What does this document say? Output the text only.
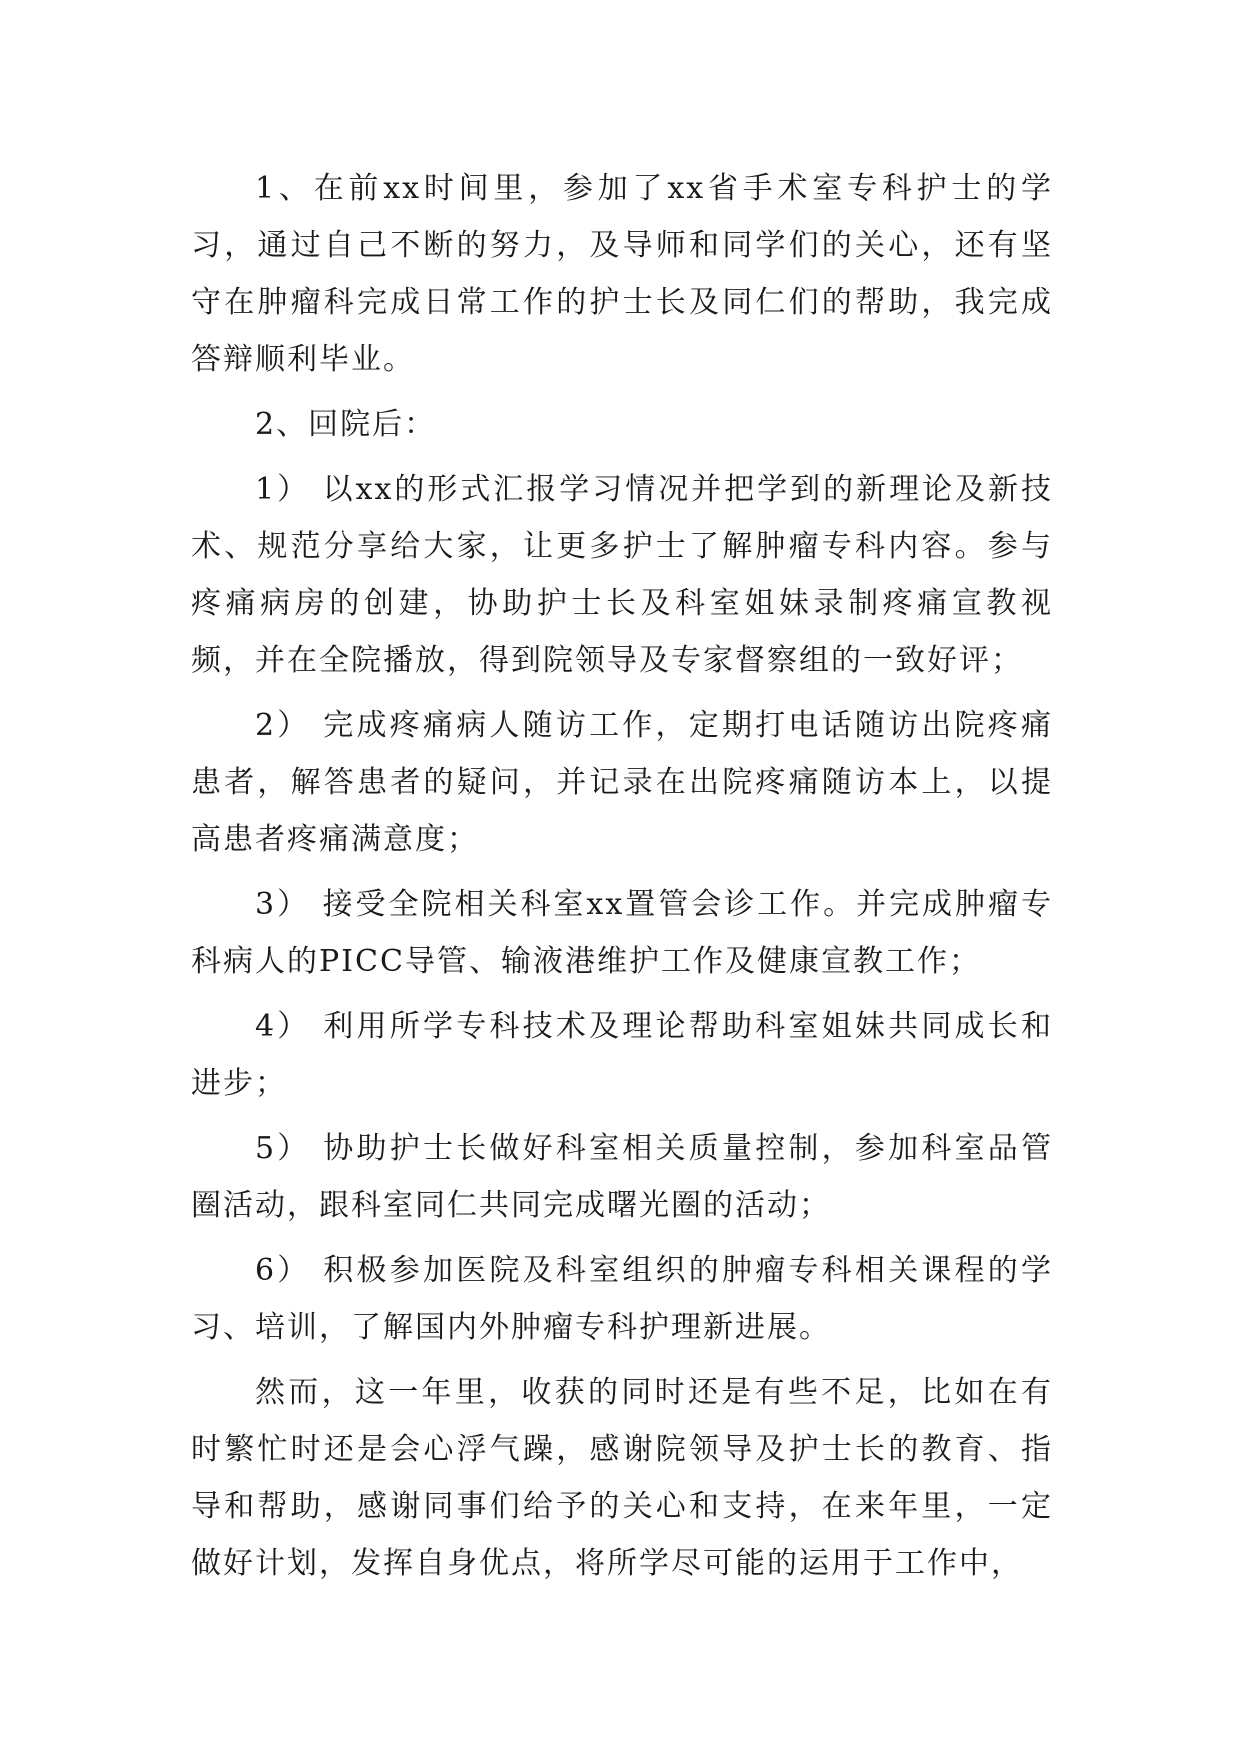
1、在前xx时间里，参加了xx省手术室专科护士的学习，通过自己不断的努力，及导师和同学们的关心，还有坚守在肿瘤科完成日常工作的护士长及同仁们的帮助，我完成答辩顺利毕业。

2、回院后：

1） 以xx的形式汇报学习情况并把学到的新理论及新技术、规范分享给大家，让更多护士了解肿瘤专科内容。参与疼痛病房的创建，协助护士长及科室姐妹录制疼痛宣教视频，并在全院播放，得到院领导及专家督察组的一致好评；

2） 完成疼痛病人随访工作，定期打电话随访出院疼痛患者，解答患者的疑问，并记录在出院疼痛随访本上，以提高患者疼痛满意度；

3） 接受全院相关科室xx置管会诊工作。并完成肿瘤专科病人的PICC导管、输液港维护工作及健康宣教工作；

4） 利用所学专科技术及理论帮助科室姐妹共同成长和进步；

5） 协助护士长做好科室相关质量控制，参加科室品管圈活动，跟科室同仁共同完成曙光圈的活动；

6） 积极参加医院及科室组织的肿瘤专科相关课程的学习、培训，了解国内外肿瘤专科护理新进展。

然而，这一年里，收获的同时还是有些不足，比如在有时繁忙时还是会心浮气躁，感谢院领导及护士长的教育、指导和帮助，感谢同事们给予的关心和支持，在来年里，一定做好计划，发挥自身优点，将所学尽可能的运用于工作中，
